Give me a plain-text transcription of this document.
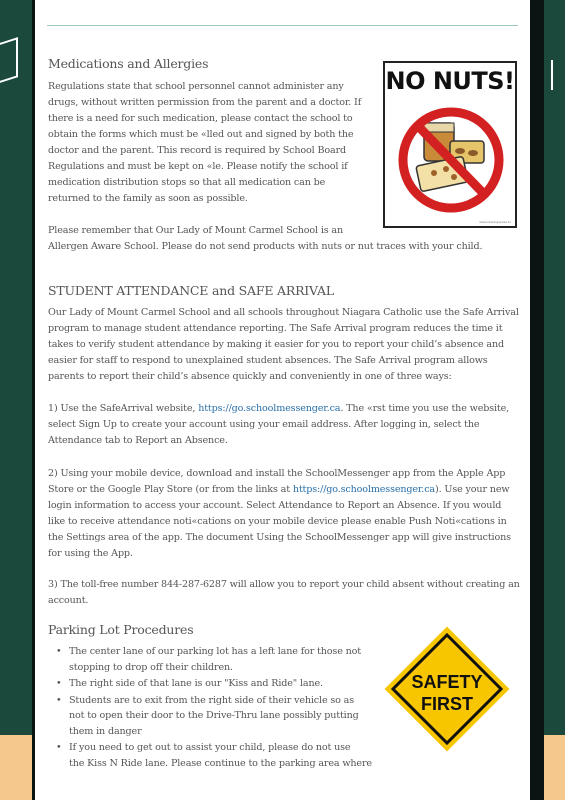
Medications and Allergies

Regulations state that school personnel cannot administer any
drugs, without written permission from the parent and a doctor. If
there is a need for such medication, please contact the school to
obtain the forms which must be «lled out and signed by both the
doctor and the parent. This record is required by School Board
Regulations and must be kept on «le. Please notify the school if
medication distribution stops so that all medication can be
returned to the family as soon as possible.

Please remember that Our Lady of Mount Carmel School is an
Allergen Aware School. Please do not send products with nuts or nut traces with your child.

STUDENT ATTENDANCE and SAFE ARRIVAL

Our Lady of Mount Carmel School and all schools throughout Niagara Catholic use the Safe Arrival
program to manage student attendance reporting. The Safe Arrival program reduces the time it
takes to verify student attendance by making it easier for you to report your child’s absence and
easier for staff to respond to unexplained student absences. The Safe Arrival program allows
parents to report their child’s absence quickly and conveniently in one of three ways:

1) Use the SafeArrival website, https://go.schoolmessenger.ca. The «rst time you use the website,
select Sign Up to create your account using your email address. After logging in, select the
Attendance tab to Report an Absence.

2) Using your mobile device, download and install the SchoolMessenger app from the Apple App
Store or the Google Play Store (or from the links at https://go.schoolmessenger.ca). Use your new
login information to access your account. Select Attendance to Report an Absence. If you would
like to receive attendance noti«cations on your mobile device please enable Push Noti«cations in
the Settings area of the app. The document Using the SchoolMessenger app will give instructions
for using the App.

3) The toll-free number 844-287-6287 will allow you to report your child absent without creating an
account.

Parking Lot Procedures
• The center lane of our parking lot has a left lane for those not
stopping to drop off their children.
• The right side of that lane is our "Kiss and Ride" lane.
• Students are to exit from the right side of their vehicle so as
not to open their door to the Drive-Thru lane possibly putting
them in danger
• If you need to get out to assist your child, please do not use
the Kiss N Ride lane. Please continue to the parking area where
NO NUTS!
www.makingsense.tv
SAFETY
FIRST
